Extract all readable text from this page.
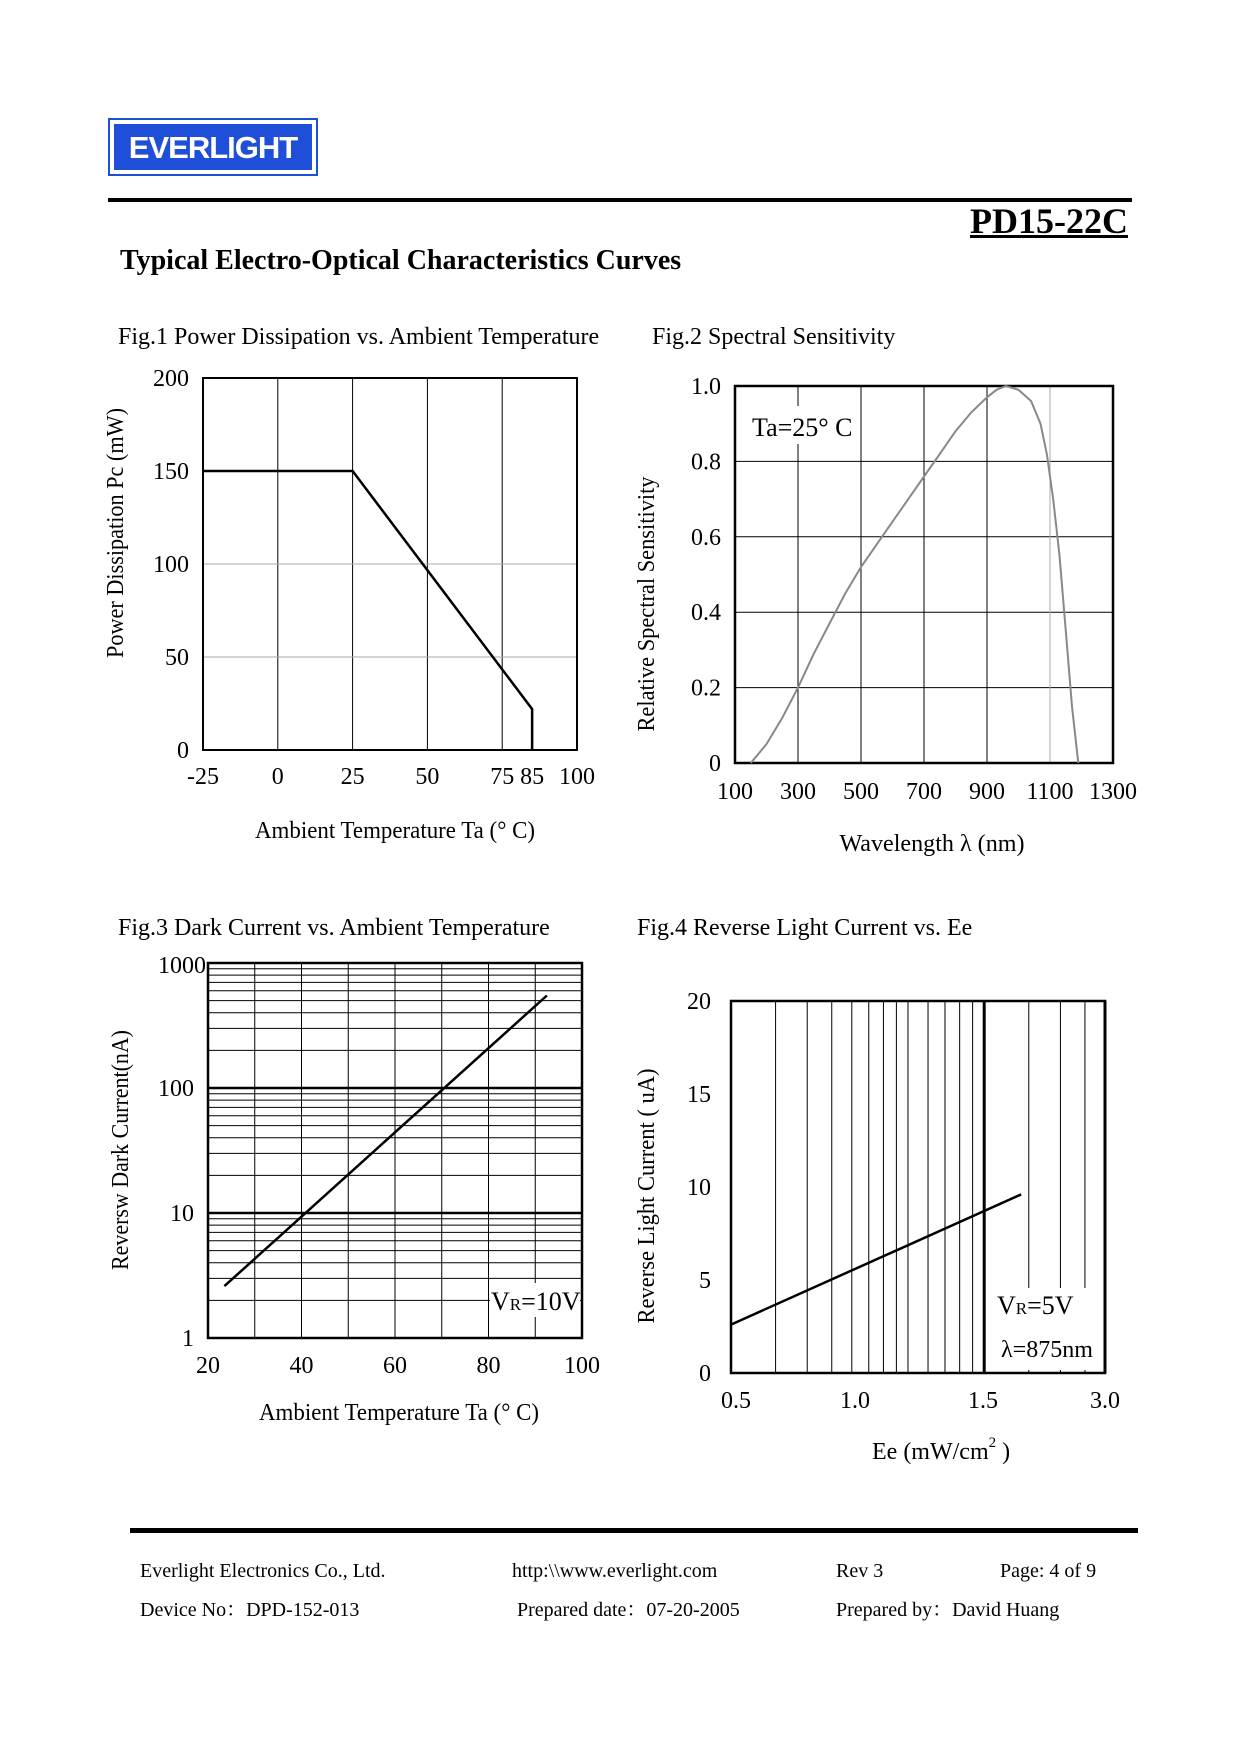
EVERLIGHT
PD15-22C
Typical Electro-Optical Characteristics Curves
Fig.1 Power Dissipation vs. Ambient Temperature Fig.2 Spectral Sensitivity
Fig.3 Dark Current vs. Ambient Temperature	Fig.4 Reverse Light Current vs. Ee
-25 0 25 50 75 85 100
0
50
100
150
200
Ambient Temperature Ta (° C)
Power Dissipation Pc (mW)	Ta=25° C
100 300 500 700 900 1100 1300
0
0.2
0.4
0.6
0.8
1.0
Wavelength λ (nm)
Relative Spectral Sensitivity
VR=10V
20	40	60	80	100
1
10
100
1000
Ambient Temperature Ta (° C)
Reversw Dark Current(nA)
VR=5V
λ=875nm
0.5	1.0	1.5	3.0
0
5
10
15
20
Ee ($mW/cm^2$ )
Reverse Light Current ( uA)
Everlight Electronics Co., Ltd.	http:\\www.everlight.com	Rev 3	Page: 4 of 9
Device No：DPD-152-013	Prepared date：07-20-2005	Prepared by：David Huang
